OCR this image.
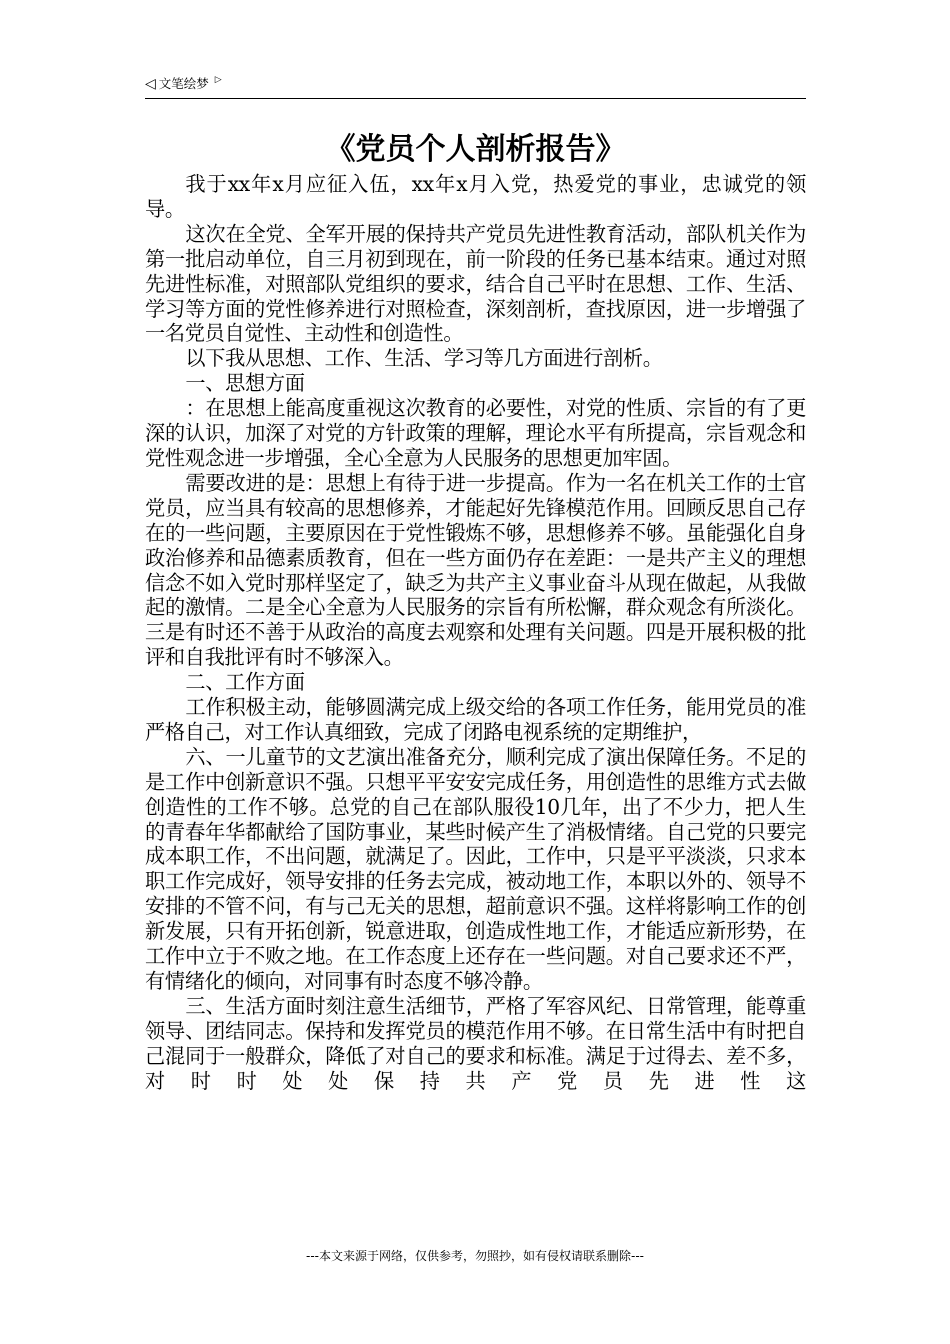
◁ 文笔绘梦 ▷
《党员个人剖析报告》

我于xx年x月应征入伍，xx年x月入党，热爱党的事业，忠诚党的领导。

这次在全党、全军开展的保持共产党员先进性教育活动，部队机关作为第一批启动单位，自三月初到现在，前一阶段的任务已基本结束。通过对照先进性标准，对照部队党组织的要求，结合自己平时在思想、工作、生活、学习等方面的党性修养进行对照检查，深刻剖析，查找原因，进一步增强了一名党员自觉性、主动性和创造性。

以下我从思想、工作、生活、学习等几方面进行剖析。

一、思想方面

：在思想上能高度重视这次教育的必要性，对党的性质、宗旨的有了更深的认识，加深了对党的方针政策的理解，理论水平有所提高，宗旨观念和党性观念进一步增强，全心全意为人民服务的思想更加牢固。

需要改进的是：思想上有待于进一步提高。作为一名在机关工作的士官党员，应当具有较高的思想修养，才能起好先锋模范作用。回顾反思自己存在的一些问题，主要原因在于党性锻炼不够，思想修养不够。虽能强化自身政治修养和品德素质教育，但在一些方面仍存在差距：一是共产主义的理想信念不如入党时那样坚定了，缺乏为共产主义事业奋斗从现在做起，从我做起的激情。二是全心全意为人民服务的宗旨有所松懈，群众观念有所淡化。三是有时还不善于从政治的高度去观察和处理有关问题。四是开展积极的批评和自我批评有时不够深入。

二、工作方面

工作积极主动，能够圆满完成上级交给的各项工作任务，能用党员的准严格自己，对工作认真细致，完成了闭路电视系统的定期维护，

六、一儿童节的文艺演出准备充分，顺利完成了演出保障任务。不足的是工作中创新意识不强。只想平平安安完成任务，用创造性的思维方式去做创造性的工作不够。总党的自己在部队服役10几年，出了不少力，把人生的青春年华都献给了国防事业，某些时候产生了消极情绪。自己党的只要完成本职工作，不出问题，就满足了。因此，工作中，只是平平淡淡，只求本职工作完成好，领导安排的任务去完成，被动地工作，本职以外的、领导不安排的不管不问，有与己无关的思想，超前意识不强。这样将影响工作的创新发展，只有开拓创新，锐意进取，创造成性地工作，才能适应新形势，在工作中立于不败之地。在工作态度上还存在一些问题。对自己要求还不严，有情绪化的倾向，对同事有时态度不够冷静。

三、生活方面时刻注意生活细节，严格了军容风纪、日常管理，能尊重领导、团结同志。保持和发挥党员的模范作用不够。在日常生活中有时把自己混同于一般群众，降低了对自己的要求和标准。满足于过得去、差不多，对时时处处保持共产党员先进性这

---本文来源于网络，仅供参考，勿照抄，如有侵权请联系删除---
